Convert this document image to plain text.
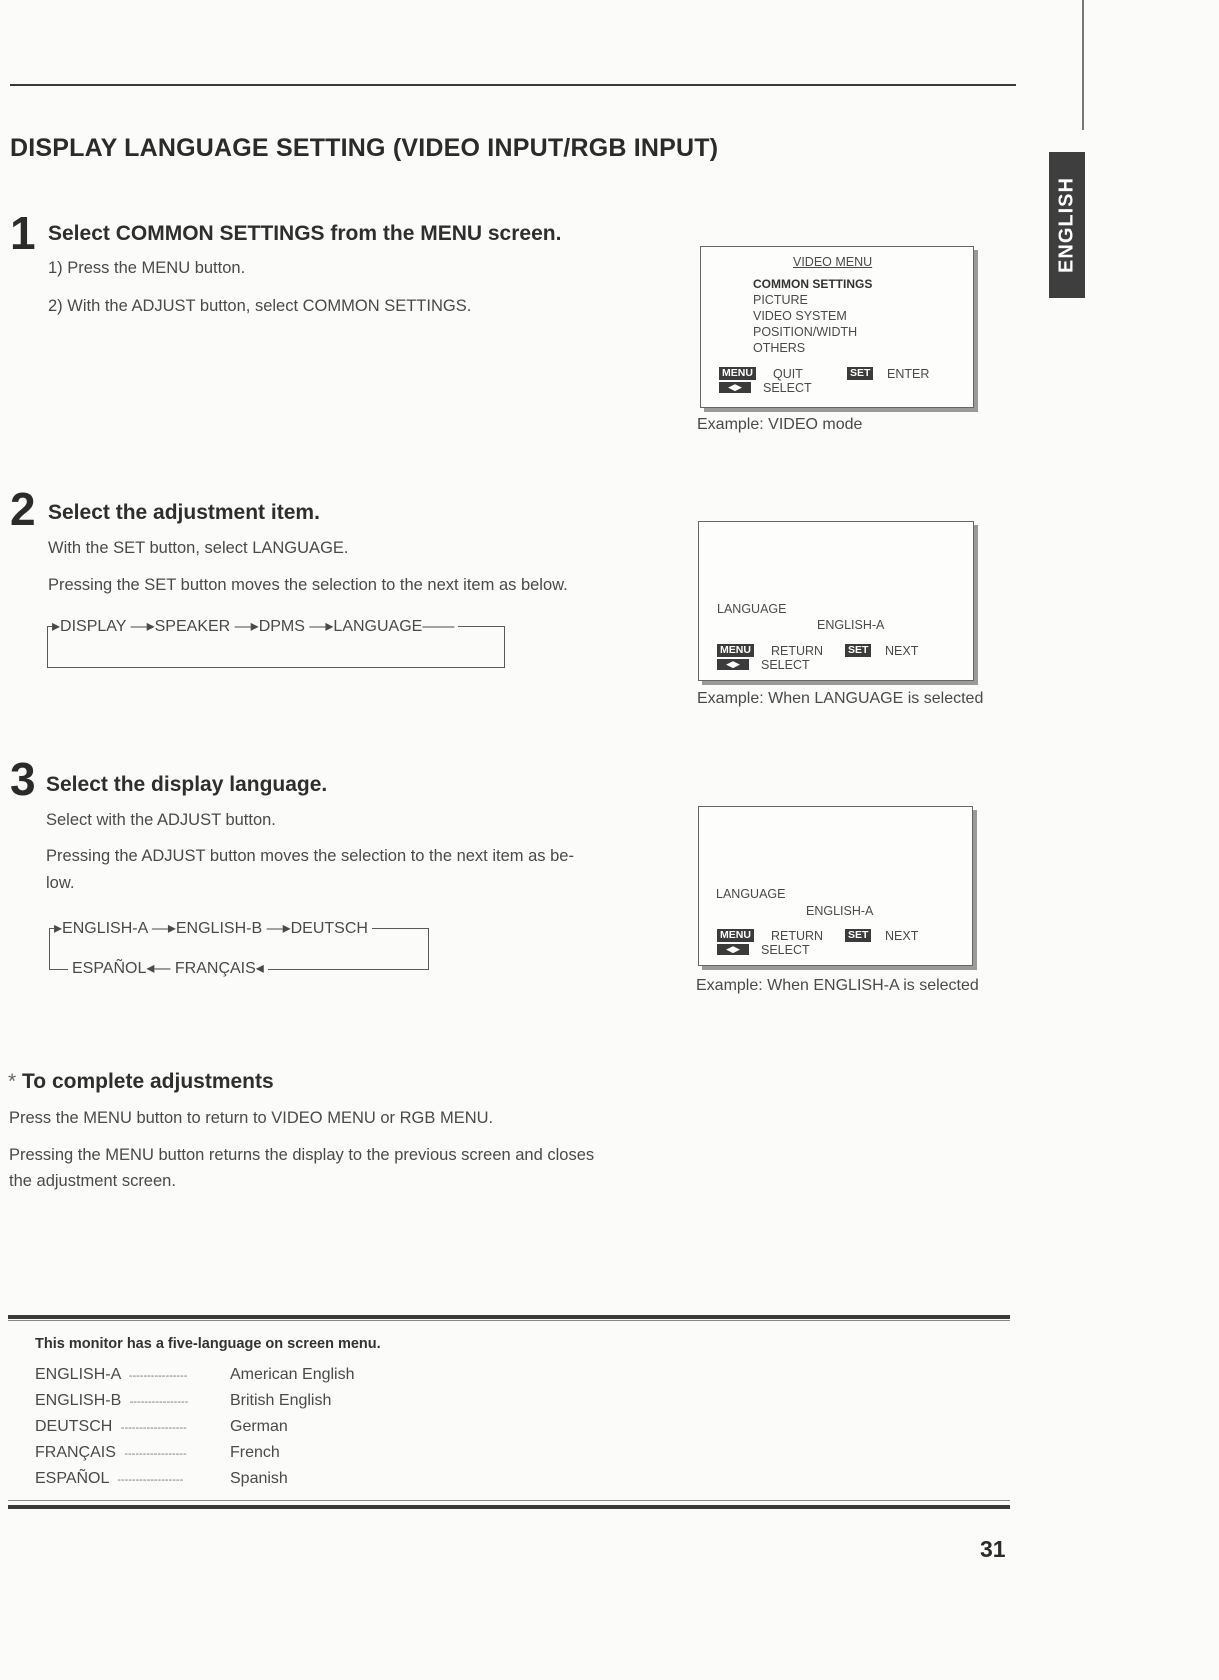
DISPLAY LANGUAGE SETTING (VIDEO INPUT/RGB INPUT)
ENGLISH
1 Select COMMON SETTINGS from the MENU screen.
1) Press the MENU button.
2) With the ADJUST button, select COMMON SETTINGS.
VIDEO MENU
COMMON SETTINGS
PICTURE
VIDEO SYSTEM
POSITION/WIDTH
OTHERS
MENU QUIT	SET ENTER
◀▶	SELECT
Example: VIDEO mode
2 Select the adjustment item.
With the SET button, select LANGUAGE.
Pressing the SET button moves the selection to the next item as below.
▸DISPLAY —▸SPEAKER —▸DPMS —▸LANGUAGE——
LANGUAGE
ENGLISH-A
MENU RETURN SET NEXT
◀▶	SELECT
Example: When LANGUAGE is selected
3 Select the display language.
Select with the ADJUST button.
Pressing the ADJUST button moves the selection to the next item as be-
low.
▸ENGLISH-A —▸ENGLISH-B —▸DEUTSCH
ESPAÑOL◂— FRANÇAIS◂
LANGUAGE
ENGLISH-A
MENU RETURN SET NEXT
◀▶	SELECT
Example: When ENGLISH-A is selected
* To complete adjustments
Press the MENU button to return to VIDEO MENU or RGB MENU.
Pressing the MENU button returns the display to the previous screen and closes
the adjustment screen.
This monitor has a five-language on screen menu.
ENGLISH-A ----------------	American English
ENGLISH-B ----------------	British English
DEUTSCH ------------------	German
FRANÇAIS -----------------	French
ESPAÑOL ------------------	Spanish
31
